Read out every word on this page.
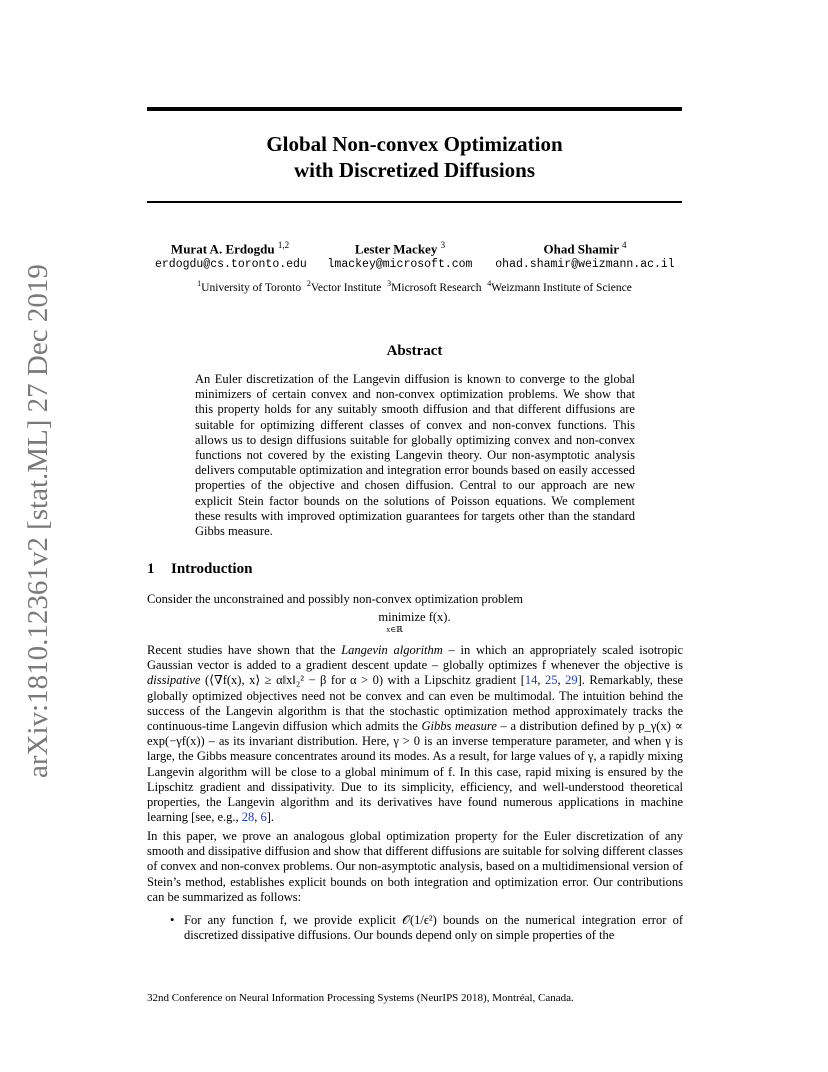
arXiv:1810.12361v2 [stat.ML] 27 Dec 2019
Global Non-convex Optimization
with Discretized Diffusions
Murat A. Erdogdu $^{1,2}$
erdogdu@cs.toronto.edu
Lester Mackey $^3$
lmackey@microsoft.com
Ohad Shamir $^4$
ohad.shamir@weizmann.ac.il
$^1$University of Toronto $^2$Vector Institute $^3$Microsoft Research $^4$Weizmann Institute of Science
Abstract
An Euler discretization of the Langevin diffusion is known to converge to the global minimizers of certain convex and non-convex optimization problems. We show that this property holds for any suitably smooth diffusion and that different diffusions are suitable for optimizing different classes of convex and non-convex functions. This allows us to design diffusions suitable for globally optimizing convex and non-convex functions not covered by the existing Langevin theory. Our non-asymptotic analysis delivers computable optimization and integration error bounds based on easily accessed properties of the objective and chosen diffusion. Central to our approach are new explicit Stein factor bounds on the solutions of Poisson equations. We complement these results with improved optimization guarantees for targets other than the standard Gibbs measure.
1 Introduction
Consider the unconstrained and possibly non-convex optimization problem
minimize f(x).
x∈ℝ
Recent studies have shown that the Langevin algorithm – in which an appropriately scaled isotropic Gaussian vector is added to a gradient descent update – globally optimizes f whenever the objective is dissipative (⟨∇f(x), x⟩ ≥ α‖x‖₂² − β for α > 0) with a Lipschitz gradient [14, 25, 29]. Remarkably, these globally optimized objectives need not be convex and can even be multimodal. The intuition behind the success of the Langevin algorithm is that the stochastic optimization method approximately tracks the continuous-time Langevin diffusion which admits the Gibbs measure – a distribution defined by p_γ(x) ∝ exp(−γf(x)) – as its invariant distribution. Here, γ > 0 is an inverse temperature parameter, and when γ is large, the Gibbs measure concentrates around its modes. As a result, for large values of γ, a rapidly mixing Langevin algorithm will be close to a global minimum of f. In this case, rapid mixing is ensured by the Lipschitz gradient and dissipativity. Due to its simplicity, efficiency, and well-understood theoretical properties, the Langevin algorithm and its derivatives have found numerous applications in machine learning [see, e.g., 28, 6].
In this paper, we prove an analogous global optimization property for the Euler discretization of any smooth and dissipative diffusion and show that different diffusions are suitable for solving different classes of convex and non-convex problems. Our non-asymptotic analysis, based on a multidimensional version of Stein’s method, establishes explicit bounds on both integration and optimization error. Our contributions can be summarized as follows:
• For any function f, we provide explicit 𝒪(1/ϵ²) bounds on the numerical integration error of discretized dissipative diffusions. Our bounds depend only on simple properties of the
32nd Conference on Neural Information Processing Systems (NeurIPS 2018), Montréal, Canada.
